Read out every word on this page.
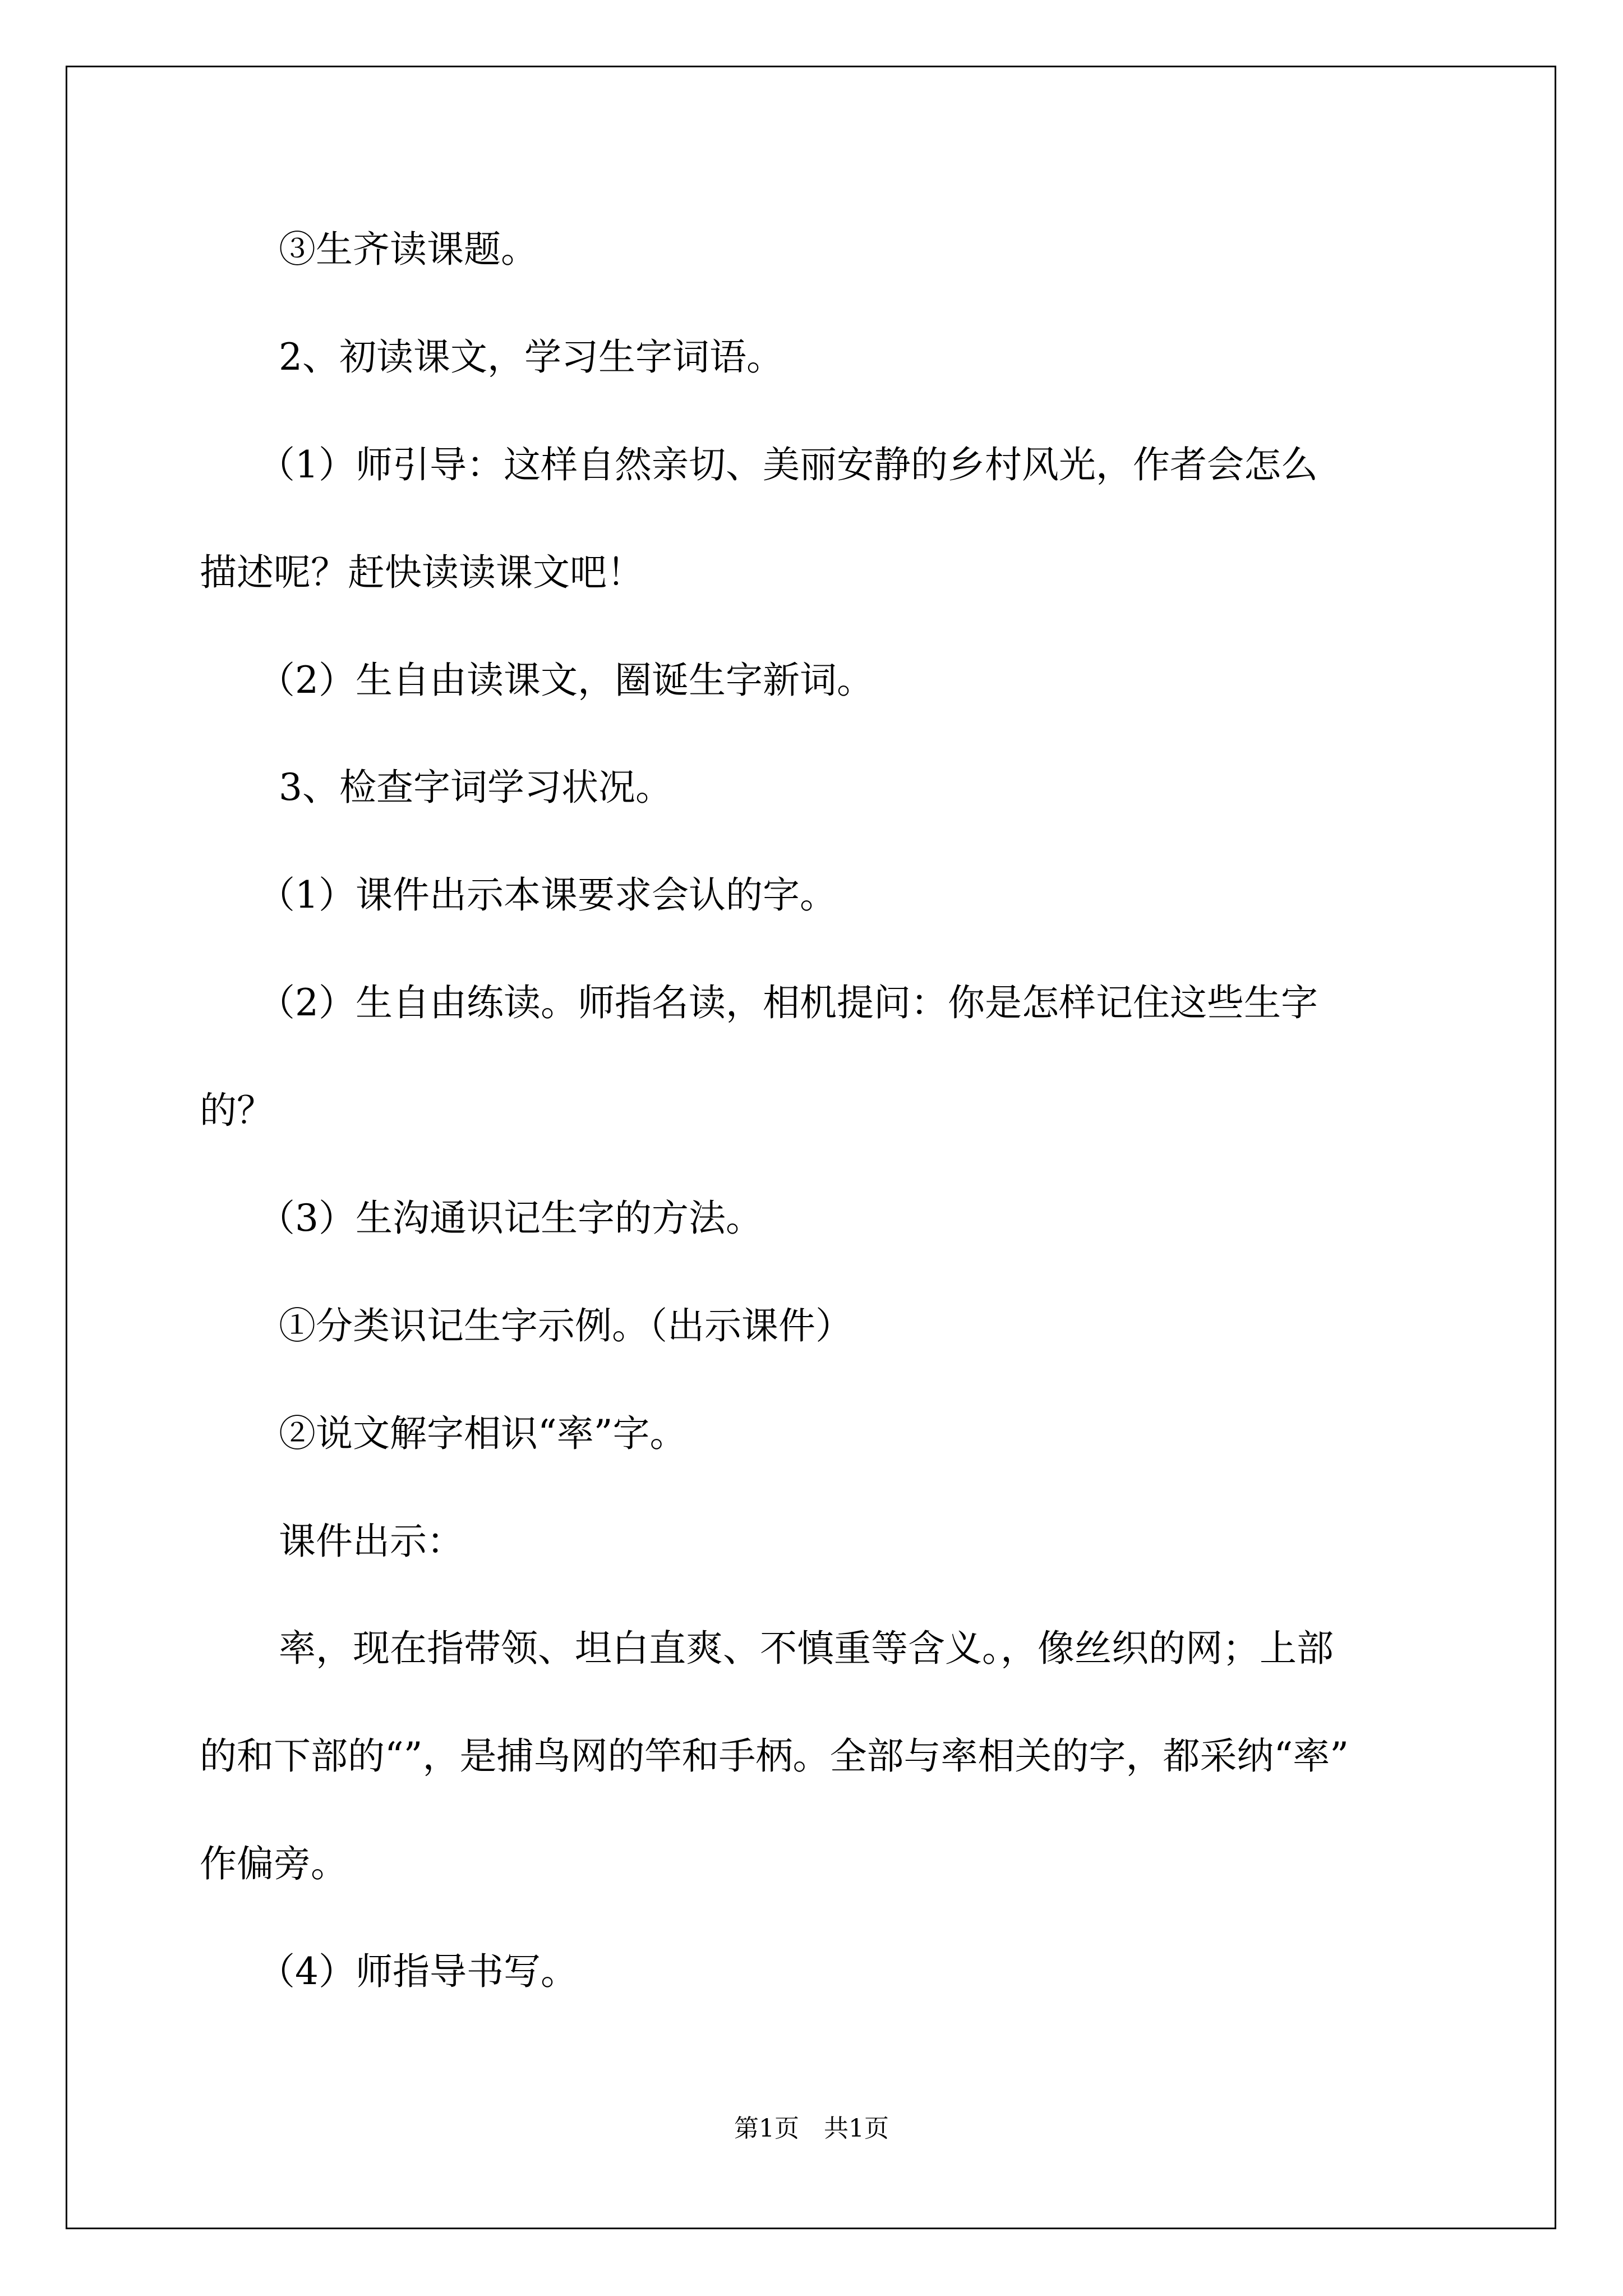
③生齐读课题。
2、初读课文，学习生字词语。
（1）师引导：这样自然亲切、美丽安静的乡村风光，作者会怎么
描述呢？赶快读读课文吧！
（2）生自由读课文，圈诞生字新词。
3、检查字词学习状况。
（1）课件出示本课要求会认的字。
（2）生自由练读。师指名读，相机提问：你是怎样记住这些生字
的？
（3）生沟通识记生字的方法。
①分类识记生字示例。（出示课件）
②说文解字相识“率”字。
课件出示：
率，现在指带领、坦白直爽、不慎重等含义。，像丝织的网；上部
的和下部的“”，是捕鸟网的竿和手柄。全部与率相关的字，都采纳“率”
作偏旁。
（4）师指导书写。
第1页 共1页
